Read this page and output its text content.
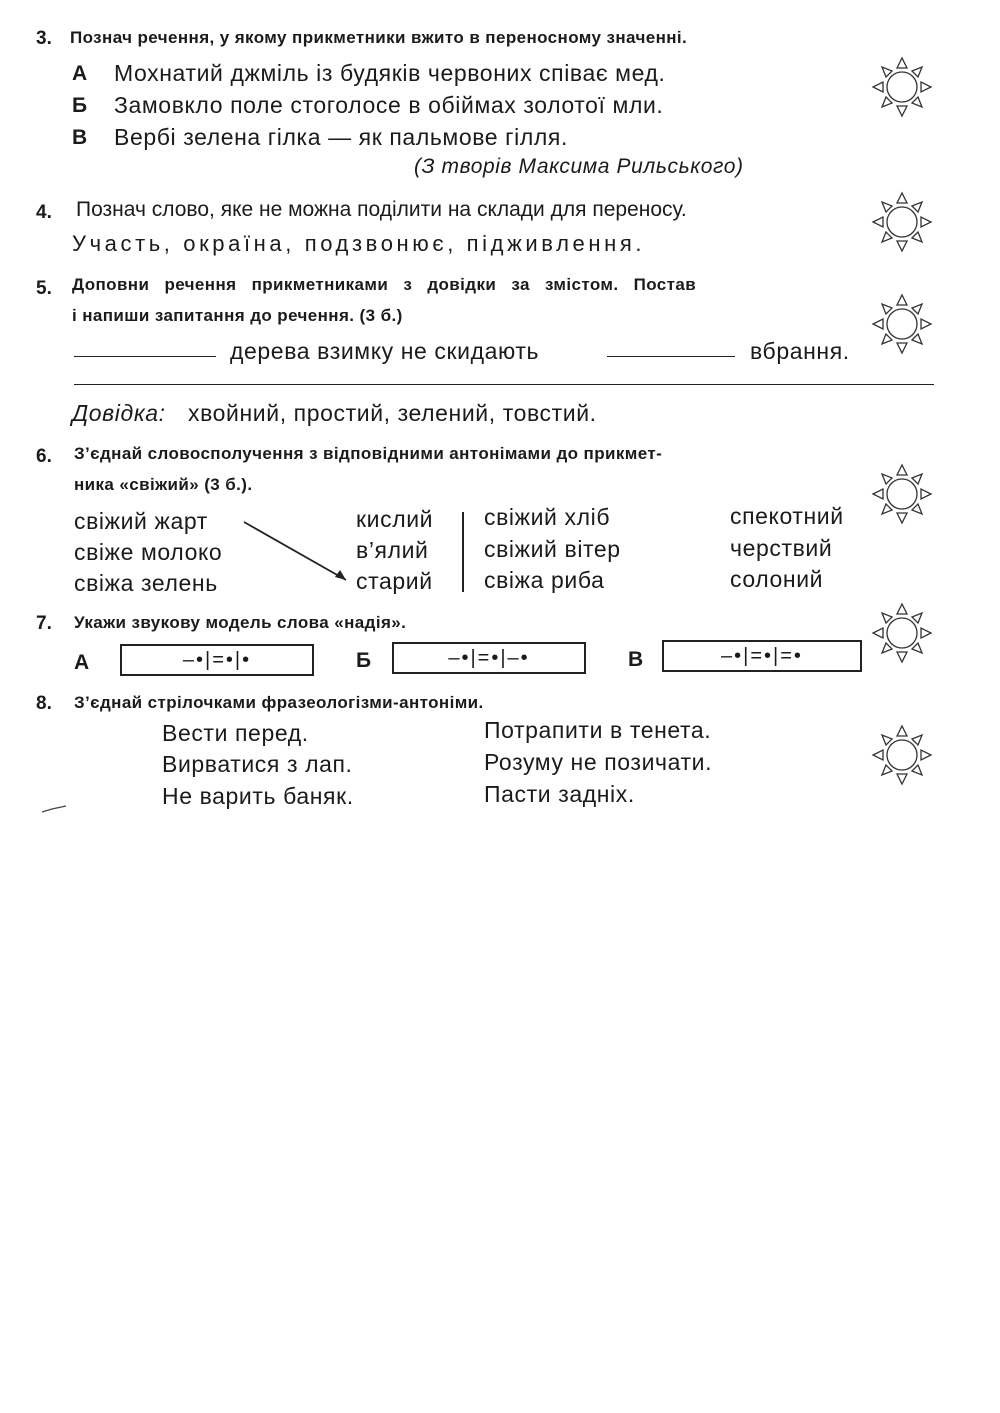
3. Познач речення, у якому прикметники вжито в переносному значенні.
А Мохнатий джміль із будяків червоних співає мед.
Б Замовкло поле стоголосе в обіймах золотої мли.
В Вербі зелена гілка — як пальмове гілля.
(З творів Максима Рильського)
4. Познач слово, яке не можна поділити на склади для переносу.
Участь, окраїна, подзвонює, підживлення.
5. Доповни речення прикметниками з довідки за змістом. Постав
і напиши запитання до речення. (3 б.)
дерева взимку не скидають	вбрання.
Довідка: хвойний, простий, зелений, товстий.
6. З’єднай словосполучення з відповідними антонімами до прикмет-
ника «свіжий» (3 б.).
свіжий жарт
свіже молоко
свіжа зелень
кислий
в’ялий
старий
свіжий хліб
свіжий вітер
свіжа риба
спекотний
черствий
солоний
7. Укажи звукову модель слова «надія».
А	–•|=•|•	Б	–•|=•|–•	В	–•|=•|=•
8. З’єднай стрілочками фразеологізми-антоніми.
Вести перед.
Вирватися з лап.
Не варить баняк.
Потрапити в тенета.
Розуму не позичати.
Пасти задніх.
